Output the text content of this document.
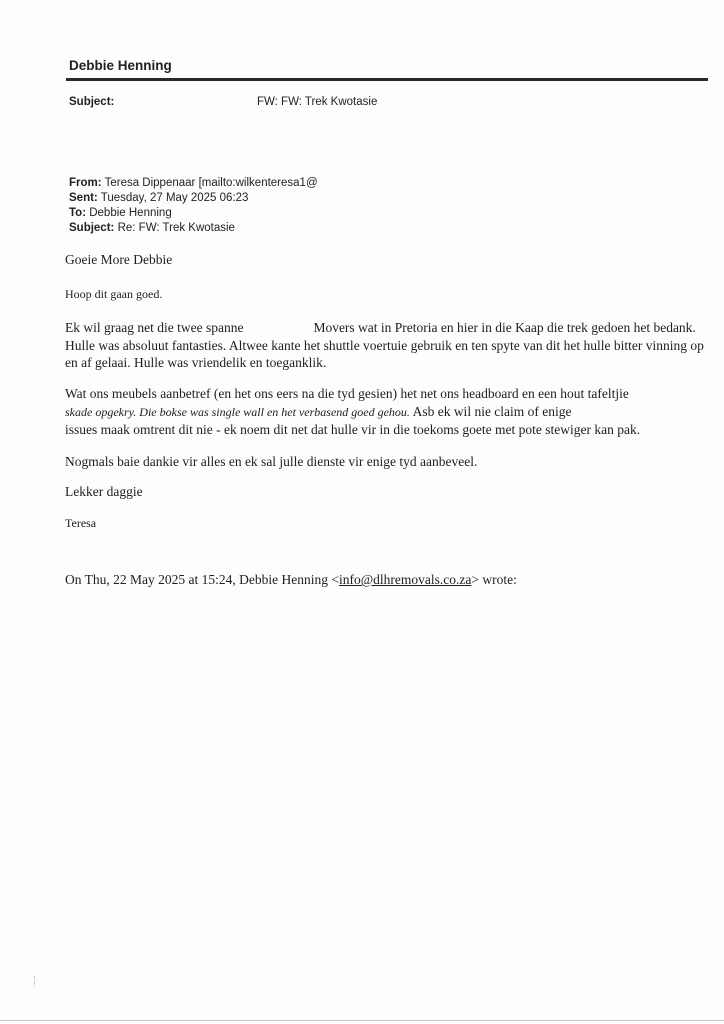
Debbie Henning
Subject:	FW: FW: Trek Kwotasie
From: Teresa Dippenaar [mailto:wilkenteresa1@
Sent: Tuesday, 27 May 2025 06:23
To: Debbie Henning
Subject: Re: FW: Trek Kwotasie
Goeie More Debbie
Hoop dit gaan goed.
Ek wil graag net die twee spanne	Movers wat in Pretoria en hier in die Kaap die trek gedoen het bedank. Hulle was absoluut fantasties. Altwee kante het shuttle voertuie gebruik en ten spyte van dit het hulle bitter vinning op en af gelaai. Hulle was vriendelik en toeganklik.
Wat ons meubels aanbetref (en het ons eers na die tyd gesien) het net ons headboard en een hout tafeltjie
skade opgekry. Die bokse was single wall en het verbasend goed gehou. Asb ek wil nie claim of enige
issues maak omtrent dit nie - ek noem dit net dat hulle vir in die toekoms goete met pote stewiger kan pak.
Nogmals baie dankie vir alles en ek sal julle dienste vir enige tyd aanbeveel.
Lekker daggie
Teresa
On Thu, 22 May 2025 at 15:24, Debbie Henning <info@dlhremovals.co.za> wrote:
